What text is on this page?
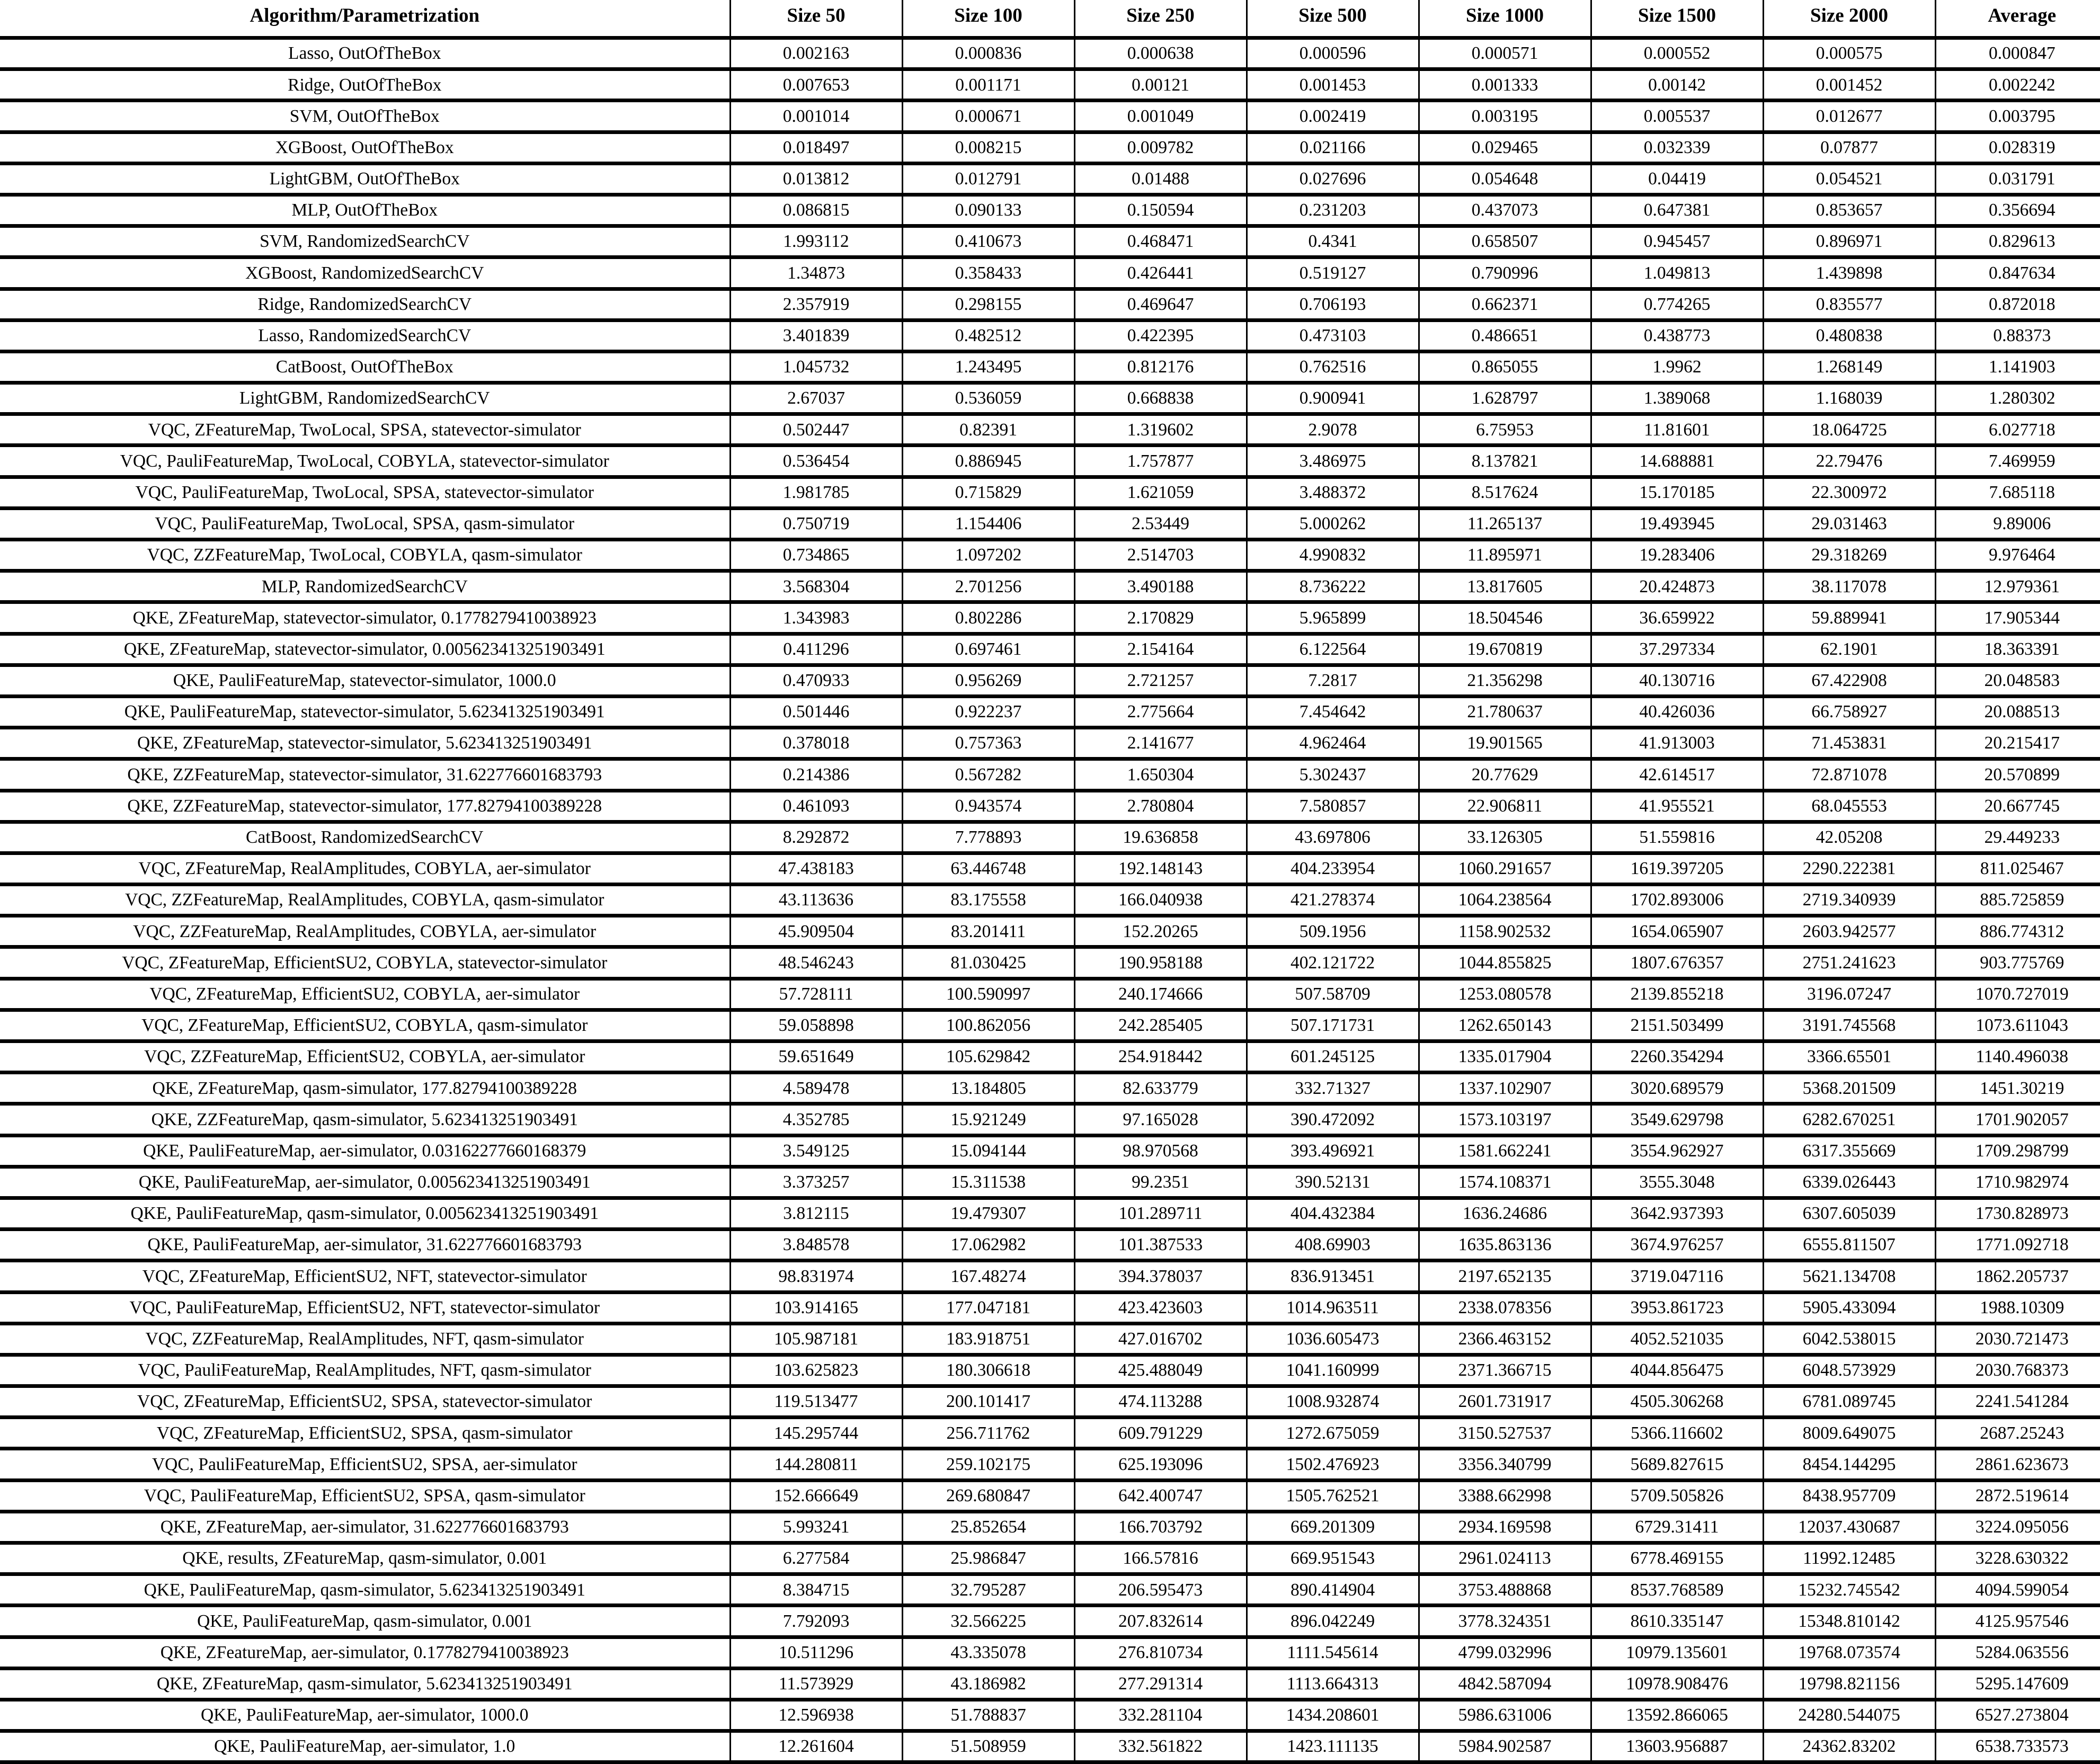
Algorithm/Parametrization	Size 50	Size 100	Size 250	Size 500	Size 1000	Size 1500	Size 2000	Average
Lasso, OutOfTheBox	0.002163	0.000836	0.000638	0.000596	0.000571	0.000552	0.000575	0.000847
Ridge, OutOfTheBox	0.007653	0.001171	0.00121	0.001453	0.001333	0.00142	0.001452	0.002242
SVM, OutOfTheBox	0.001014	0.000671	0.001049	0.002419	0.003195	0.005537	0.012677	0.003795
XGBoost, OutOfTheBox	0.018497	0.008215	0.009782	0.021166	0.029465	0.032339	0.07877	0.028319
LightGBM, OutOfTheBox	0.013812	0.012791	0.01488	0.027696	0.054648	0.04419	0.054521	0.031791
MLP, OutOfTheBox	0.086815	0.090133	0.150594	0.231203	0.437073	0.647381	0.853657	0.356694
SVM, RandomizedSearchCV	1.993112	0.410673	0.468471	0.4341	0.658507	0.945457	0.896971	0.829613
XGBoost, RandomizedSearchCV	1.34873	0.358433	0.426441	0.519127	0.790996	1.049813	1.439898	0.847634
Ridge, RandomizedSearchCV	2.357919	0.298155	0.469647	0.706193	0.662371	0.774265	0.835577	0.872018
Lasso, RandomizedSearchCV	3.401839	0.482512	0.422395	0.473103	0.486651	0.438773	0.480838	0.88373
CatBoost, OutOfTheBox	1.045732	1.243495	0.812176	0.762516	0.865055	1.9962	1.268149	1.141903
LightGBM, RandomizedSearchCV	2.67037	0.536059	0.668838	0.900941	1.628797	1.389068	1.168039	1.280302
VQC, ZFeatureMap, TwoLocal, SPSA, statevector-simulator	0.502447	0.82391	1.319602	2.9078	6.75953	11.81601	18.064725	6.027718
VQC, PauliFeatureMap, TwoLocal, COBYLA, statevector-simulator	0.536454	0.886945	1.757877	3.486975	8.137821	14.688881	22.79476	7.469959
VQC, PauliFeatureMap, TwoLocal, SPSA, statevector-simulator	1.981785	0.715829	1.621059	3.488372	8.517624	15.170185	22.300972	7.685118
VQC, PauliFeatureMap, TwoLocal, SPSA, qasm-simulator	0.750719	1.154406	2.53449	5.000262	11.265137	19.493945	29.031463	9.89006
VQC, ZZFeatureMap, TwoLocal, COBYLA, qasm-simulator	0.734865	1.097202	2.514703	4.990832	11.895971	19.283406	29.318269	9.976464
MLP, RandomizedSearchCV	3.568304	2.701256	3.490188	8.736222	13.817605	20.424873	38.117078	12.979361
QKE, ZFeatureMap, statevector-simulator, 0.1778279410038923	1.343983	0.802286	2.170829	5.965899	18.504546	36.659922	59.889941	17.905344
QKE, ZFeatureMap, statevector-simulator, 0.005623413251903491	0.411296	0.697461	2.154164	6.122564	19.670819	37.297334	62.1901	18.363391
QKE, PauliFeatureMap, statevector-simulator, 1000.0	0.470933	0.956269	2.721257	7.2817	21.356298	40.130716	67.422908	20.048583
QKE, PauliFeatureMap, statevector-simulator, 5.623413251903491	0.501446	0.922237	2.775664	7.454642	21.780637	40.426036	66.758927	20.088513
QKE, ZFeatureMap, statevector-simulator, 5.623413251903491	0.378018	0.757363	2.141677	4.962464	19.901565	41.913003	71.453831	20.215417
QKE, ZZFeatureMap, statevector-simulator, 31.622776601683793	0.214386	0.567282	1.650304	5.302437	20.77629	42.614517	72.871078	20.570899
QKE, ZZFeatureMap, statevector-simulator, 177.82794100389228	0.461093	0.943574	2.780804	7.580857	22.906811	41.955521	68.045553	20.667745
CatBoost, RandomizedSearchCV	8.292872	7.778893	19.636858	43.697806	33.126305	51.559816	42.05208	29.449233
VQC, ZFeatureMap, RealAmplitudes, COBYLA, aer-simulator	47.438183	63.446748	192.148143	404.233954	1060.291657	1619.397205	2290.222381	811.025467
VQC, ZZFeatureMap, RealAmplitudes, COBYLA, qasm-simulator	43.113636	83.175558	166.040938	421.278374	1064.238564	1702.893006	2719.340939	885.725859
VQC, ZZFeatureMap, RealAmplitudes, COBYLA, aer-simulator	45.909504	83.201411	152.20265	509.1956	1158.902532	1654.065907	2603.942577	886.774312
VQC, ZFeatureMap, EfficientSU2, COBYLA, statevector-simulator	48.546243	81.030425	190.958188	402.121722	1044.855825	1807.676357	2751.241623	903.775769
VQC, ZFeatureMap, EfficientSU2, COBYLA, aer-simulator	57.728111	100.590997	240.174666	507.58709	1253.080578	2139.855218	3196.07247	1070.727019
VQC, ZFeatureMap, EfficientSU2, COBYLA, qasm-simulator	59.058898	100.862056	242.285405	507.171731	1262.650143	2151.503499	3191.745568	1073.611043
VQC, ZZFeatureMap, EfficientSU2, COBYLA, aer-simulator	59.651649	105.629842	254.918442	601.245125	1335.017904	2260.354294	3366.65501	1140.496038
QKE, ZFeatureMap, qasm-simulator, 177.82794100389228	4.589478	13.184805	82.633779	332.71327	1337.102907	3020.689579	5368.201509	1451.30219
QKE, ZZFeatureMap, qasm-simulator, 5.623413251903491	4.352785	15.921249	97.165028	390.472092	1573.103197	3549.629798	6282.670251	1701.902057
QKE, PauliFeatureMap, aer-simulator, 0.03162277660168379	3.549125	15.094144	98.970568	393.496921	1581.662241	3554.962927	6317.355669	1709.298799
QKE, PauliFeatureMap, aer-simulator, 0.005623413251903491	3.373257	15.311538	99.2351	390.52131	1574.108371	3555.3048	6339.026443	1710.982974
QKE, PauliFeatureMap, qasm-simulator, 0.005623413251903491	3.812115	19.479307	101.289711	404.432384	1636.24686	3642.937393	6307.605039	1730.828973
QKE, PauliFeatureMap, aer-simulator, 31.622776601683793	3.848578	17.062982	101.387533	408.69903	1635.863136	3674.976257	6555.811507	1771.092718
VQC, ZFeatureMap, EfficientSU2, NFT, statevector-simulator	98.831974	167.48274	394.378037	836.913451	2197.652135	3719.047116	5621.134708	1862.205737
VQC, PauliFeatureMap, EfficientSU2, NFT, statevector-simulator	103.914165	177.047181	423.423603	1014.963511	2338.078356	3953.861723	5905.433094	1988.10309
VQC, ZZFeatureMap, RealAmplitudes, NFT, qasm-simulator	105.987181	183.918751	427.016702	1036.605473	2366.463152	4052.521035	6042.538015	2030.721473
VQC, PauliFeatureMap, RealAmplitudes, NFT, qasm-simulator	103.625823	180.306618	425.488049	1041.160999	2371.366715	4044.856475	6048.573929	2030.768373
VQC, ZFeatureMap, EfficientSU2, SPSA, statevector-simulator	119.513477	200.101417	474.113288	1008.932874	2601.731917	4505.306268	6781.089745	2241.541284
VQC, ZFeatureMap, EfficientSU2, SPSA, qasm-simulator	145.295744	256.711762	609.791229	1272.675059	3150.527537	5366.116602	8009.649075	2687.25243
VQC, PauliFeatureMap, EfficientSU2, SPSA, aer-simulator	144.280811	259.102175	625.193096	1502.476923	3356.340799	5689.827615	8454.144295	2861.623673
VQC, PauliFeatureMap, EfficientSU2, SPSA, qasm-simulator	152.666649	269.680847	642.400747	1505.762521	3388.662998	5709.505826	8438.957709	2872.519614
QKE, ZFeatureMap, aer-simulator, 31.622776601683793	5.993241	25.852654	166.703792	669.201309	2934.169598	6729.31411	12037.430687	3224.095056
QKE, results, ZFeatureMap, qasm-simulator, 0.001	6.277584	25.986847	166.57816	669.951543	2961.024113	6778.469155	11992.12485	3228.630322
QKE, PauliFeatureMap, qasm-simulator, 5.623413251903491	8.384715	32.795287	206.595473	890.414904	3753.488868	8537.768589	15232.745542	4094.599054
QKE, PauliFeatureMap, qasm-simulator, 0.001	7.792093	32.566225	207.832614	896.042249	3778.324351	8610.335147	15348.810142	4125.957546
QKE, ZFeatureMap, aer-simulator, 0.1778279410038923	10.511296	43.335078	276.810734	1111.545614	4799.032996	10979.135601	19768.073574	5284.063556
QKE, ZFeatureMap, qasm-simulator, 5.623413251903491	11.573929	43.186982	277.291314	1113.664313	4842.587094	10978.908476	19798.821156	5295.147609
QKE, PauliFeatureMap, aer-simulator, 1000.0	12.596938	51.788837	332.281104	1434.208601	5986.631006	13592.866065	24280.544075	6527.273804
QKE, PauliFeatureMap, aer-simulator, 1.0	12.261604	51.508959	332.561822	1423.111135	5984.902587	13603.956887	24362.83202	6538.733573
